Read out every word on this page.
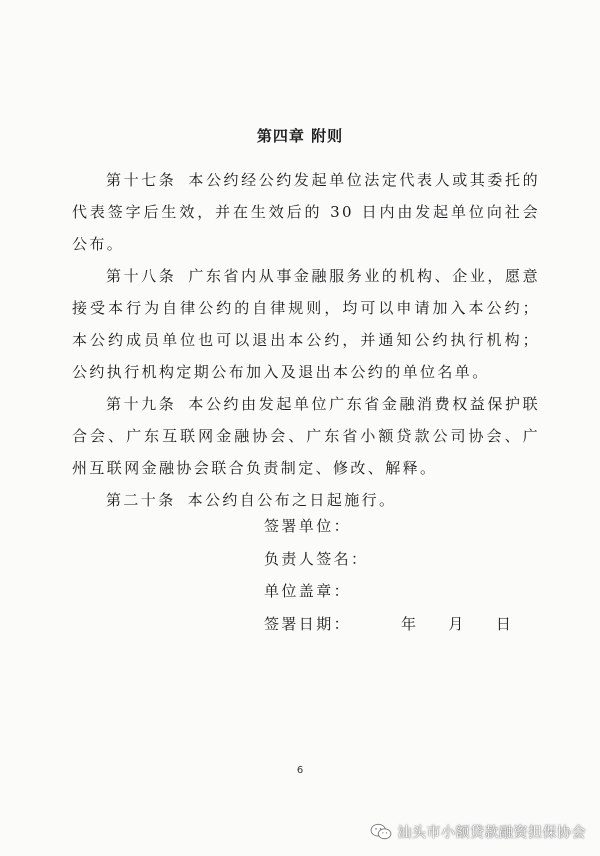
第四章 附则

第十七条 本公约经公约发起单位法定代表人或其委托的代表签字后生效，并在生效后的 30 日内由发起单位向社会公布。

第十八条 广东省内从事金融服务业的机构、企业，愿意接受本行为自律公约的自律规则，均可以申请加入本公约；本公约成员单位也可以退出本公约，并通知公约执行机构；公约执行机构定期公布加入及退出本公约的单位名单。

第十九条 本公约由发起单位广东省金融消费权益保护联合会、广东互联网金融协会、广东省小额贷款公司协会、广州互联网金融协会联合负责制定、修改、解释。

第二十条 本公约自公布之日起施行。

签署单位：
负责人签名：
单位盖章：
签署日期：	年 月 日
6
汕头市小额贷款融资担保协会
